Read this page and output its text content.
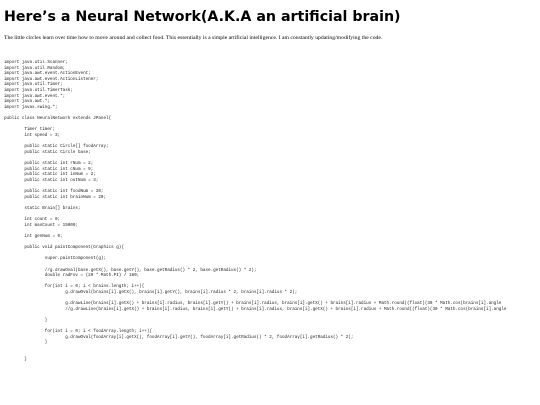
Here’s a Neural Network(A.K.A an artificial brain)

The little circles learn over time how to move around and collect food. This essentially is a simple artificial intelligence. I am constantly updating/modifying the code.

import java.util.Scanner;
import java.util.Random;
import java.awt.event.ActionEvent;
import java.awt.event.ActionListener;
import java.util.Timer;
import java.util.TimerTask;
import java.awt.event.*;
import java.awt.*;
import javax.swing.*;

public class NeuralNetwork extends JPanel{

Timer timer;
int speed = 3;

public static Circle[] foodArray;
public static Circle base;

public static int rNum = 2;
public static int cNum = 9;
public static int inNum = 2;
public static int outNum = 3;

public static int foodNum = 20;
public static int brainNum = 20;

static Brain[] brains;

int count = 0;
int maxCount = 15000;

int genNum = 0;

public void paintComponent(Graphics g){

super.paintComponent(g);

//g.drawOval(base.getX(), base.getY(), base.getRadius() * 2, base.getRadius() * 2);
double radFov = (20 * Math.PI) / 180;

for(int i = 0; i < brains.length; i++){
g.drawOval(brains[i].getX(), brains[i].getY(), brains[i].radius * 2, brains[i].radius * 2);

g.drawLine(brains[i].getX() + brains[i].radius, brains[i].getY() + brains[i].radius, brains[i].getX() + brains[i].radius + Math.round((float)(30 * Math.cos(brains[i].angle
//g.drawLine(brains[i].getX() + brains[i].radius, brains[i].getY() + brains[i].radius, brains[i].getX() + brains[i].radius + Math.round((float)(30 * Math.cos(brains[i].angle

}

for(int i = 0; i < foodArray.length; i++){
g.drawOval(foodArray[i].getX(), foodArray[i].getY(), foodArray[i].getRadius() * 2, foodArray[i].getRadius() * 2);
}

}
